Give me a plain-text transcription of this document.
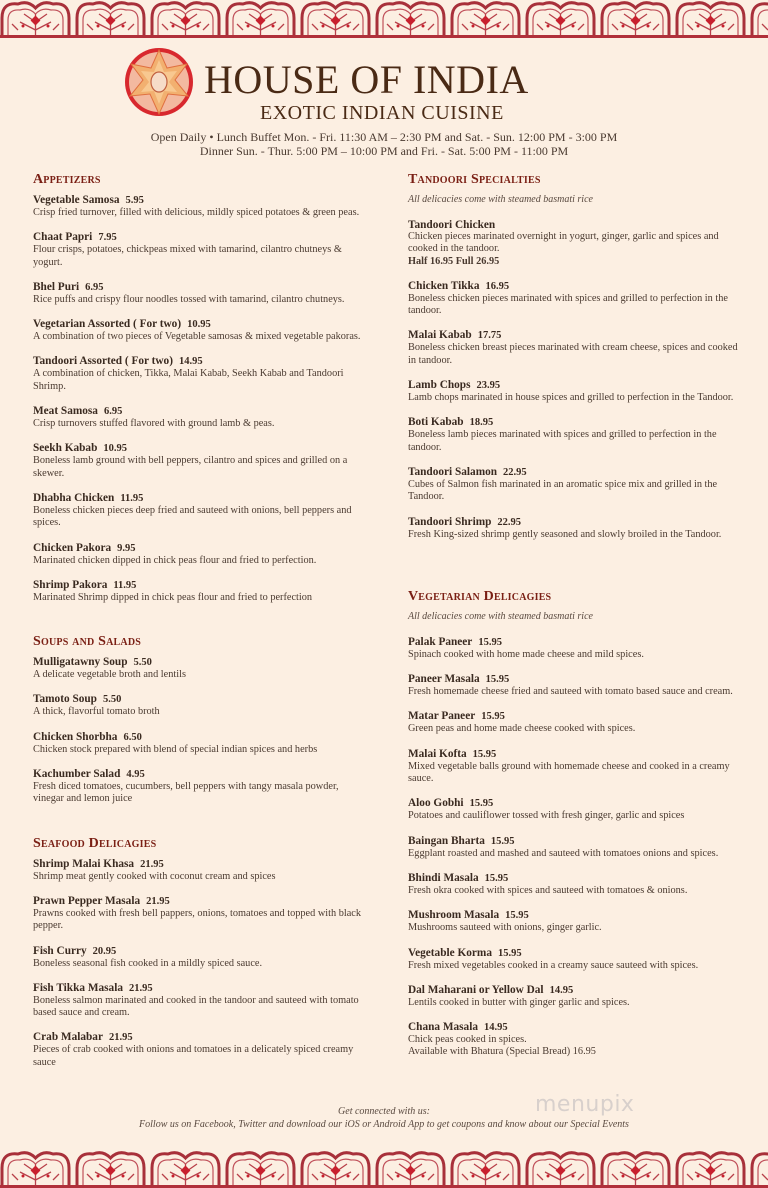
HOUSE OF INDIA
EXOTIC INDIAN CUISINE
Open Daily • Lunch Buffet Mon. - Fri. 11:30 AM – 2:30 PM and Sat. - Sun. 12:00 PM - 3:00 PM
Dinner Sun. - Thur. 5:00 PM – 10:00 PM and Fri. - Sat. 5:00 PM - 11:00 PM
Appetizers
Vegetable Samosa 5.95
Crisp fried turnover, filled with delicious, mildly spiced potatoes & green peas.
Chaat Papri 7.95
Flour crisps, potatoes, chickpeas mixed with tamarind, cilantro chutneys & yogurt.
Bhel Puri 6.95
Rice puffs and crispy flour noodles tossed with tamarind, cilantro chutneys.
Vegetarian Assorted ( For two) 10.95
A combination of two pieces of Vegetable samosas & mixed vegetable pakoras.
Tandoori Assorted ( For two) 14.95
A combination of chicken, Tikka, Malai Kabab, Seekh Kabab and Tandoori Shrimp.
Meat Samosa 6.95
Crisp turnovers stuffed flavored with ground lamb & peas.
Seekh Kabab 10.95
Boneless lamb ground with bell peppers, cilantro and spices and grilled on a skewer.
Dhabha Chicken 11.95
Boneless chicken pieces deep fried and sauteed with onions, bell peppers and spices.
Chicken Pakora 9.95
Marinated chicken dipped in chick peas flour and fried to perfection.
Shrimp Pakora 11.95
Marinated Shrimp dipped in chick peas flour and fried to perfection
Soups and Salads
Mulligatawny Soup 5.50
A delicate vegetable broth and lentils
Tamoto Soup 5.50
A thick, flavorful tomato broth
Chicken Shorbha 6.50
Chicken stock prepared with blend of special indian spices and herbs
Kachumber Salad 4.95
Fresh diced tomatoes, cucumbers, bell peppers with tangy masala powder, vinegar and lemon juice
Seafood Delicagies
Shrimp Malai Khasa 21.95
Shrimp meat gently cooked with coconut cream and spices
Prawn Pepper Masala 21.95
Prawns cooked with fresh bell pappers, onions, tomatoes and topped with black pepper.
Fish Curry 20.95
Boneless seasonal fish cooked in a mildly spiced sauce.
Fish Tikka Masala 21.95
Boneless salmon marinated and cooked in the tandoor and sauteed with tomato based sauce and cream.
Crab Malabar 21.95
Pieces of crab cooked with onions and tomatoes in a delicately spiced creamy sauce
Tandoori Specialties
All delicacies come with steamed basmati rice
Tandoori Chicken
Chicken pieces marinated overnight in yogurt, ginger, garlic and spices and cooked in the tandoor.
Half 16.95 Full 26.95
Chicken Tikka 16.95
Boneless chicken pieces marinated with spices and grilled to perfection in the tandoor.
Malai Kabab 17.75
Boneless chicken breast pieces marinated with cream cheese, spices and cooked in tandoor.
Lamb Chops 23.95
Lamb chops marinated in house spices and grilled to perfection in the Tandoor.
Boti Kabab 18.95
Boneless lamb pieces marinated with spices and grilled to perfection in the tandoor.
Tandoori Salamon 22.95
Cubes of Salmon fish marinated in an aromatic spice mix and grilled in the Tandoor.
Tandoori Shrimp 22.95
Fresh King-sized shrimp gently seasoned and slowly broiled in the Tandoor.
Vegetarian Delicagies
All delicacies come with steamed basmati rice
Palak Paneer 15.95
Spinach cooked with home made cheese and mild spices.
Paneer Masala 15.95
Fresh homemade cheese fried and sauteed with tomato based sauce and cream.
Matar Paneer 15.95
Green peas and home made cheese cooked with spices.
Malai Kofta 15.95
Mixed vegetable balls ground with homemade cheese and cooked in a creamy sauce.
Aloo Gobhi 15.95
Potatoes and cauliflower tossed with fresh ginger, garlic and spices
Baingan Bharta 15.95
Eggplant roasted and mashed and sauteed with tomatoes onions and spices.
Bhindi Masala 15.95
Fresh okra cooked with spices and sauteed with tomatoes & onions.
Mushroom Masala 15.95
Mushrooms sauteed with onions, ginger garlic.
Vegetable Korma 15.95
Fresh mixed vegetables cooked in a creamy sauce sauteed with spices.
Dal Maharani or Yellow Dal 14.95
Lentils cooked in butter with ginger garlic and spices.
Chana Masala 14.95
Chick peas cooked in spices.
Available with Bhatura (Special Bread) 16.95
Get connected with us:
Follow us on Facebook, Twitter and download our iOS or Android App to get coupons and know about our Special Events
menupix
